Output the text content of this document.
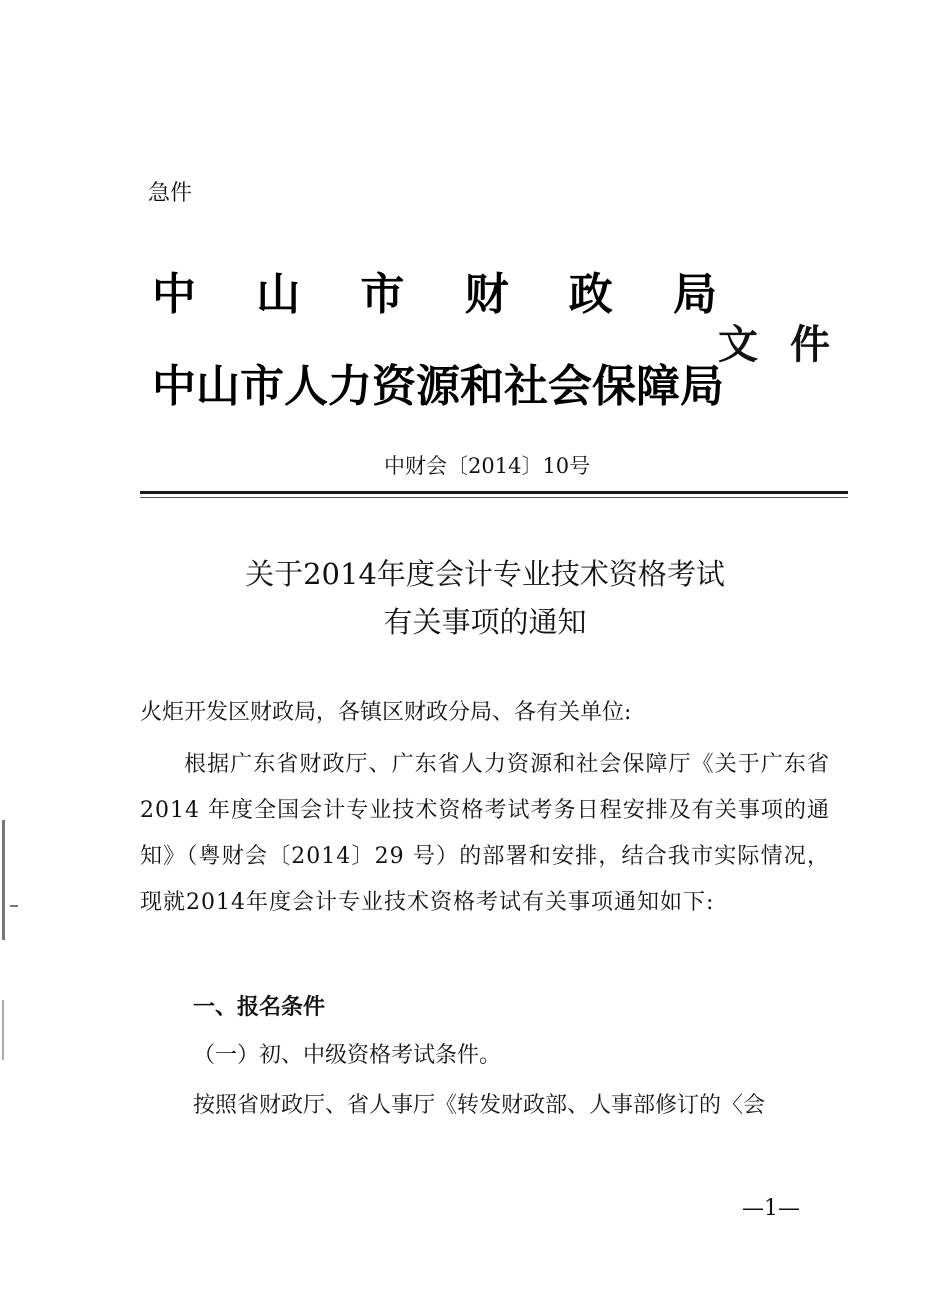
急件
中 山 市 财 政 局
中山市人力资源和社会保障局
文 件
中财会〔2014〕10号
关于2014年度会计专业技术资格考试
有关事项的通知
火炬开发区财政局，各镇区财政分局、各有关单位:
根据广东省财政厅、广东省人力资源和社会保障厅《关于广东省 2014 年度全国会计专业技术资格考试考务日程安排及有关事项的通知》（粤财会〔2014〕29 号）的部署和安排，结合我市实际情况，现就2014年度会计专业技术资格考试有关事项通知如下:
一、报名条件
（一）初、中级资格考试条件。
按照省财政厅、省人事厅《转发财政部、人事部修订的〈会
—1—
